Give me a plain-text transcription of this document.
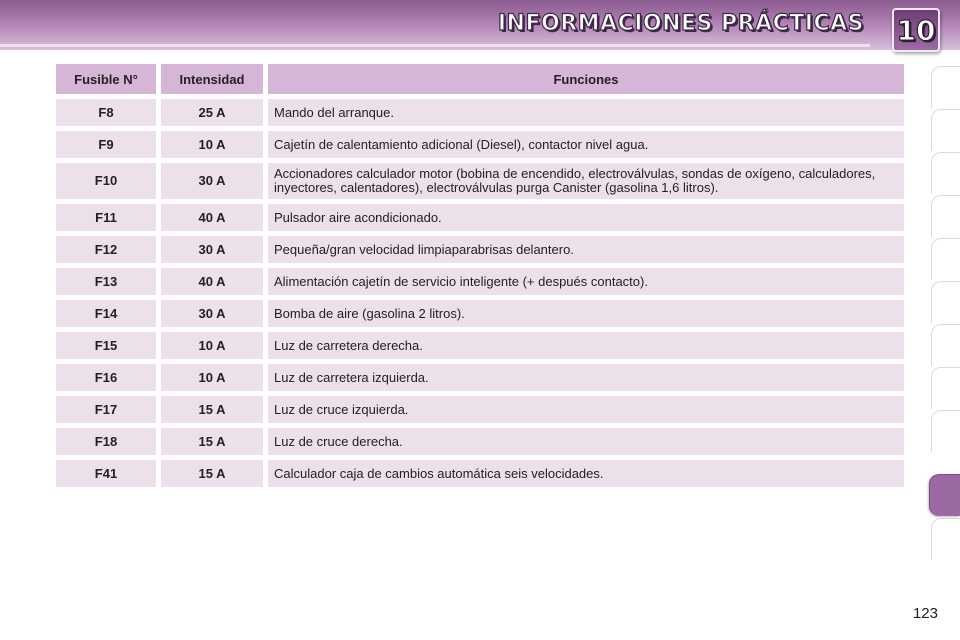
INFORMACIONES PRÁCTICAS 10
Fusible N°	Intensidad	Funciones
F8	25 A	Mando del arranque.
F9	10 A	Cajetín de calentamiento adicional (Diesel), contactor nivel agua.
F10	30 A	Accionadores calculador motor (bobina de encendido, electroválvulas, sondas de oxígeno, calculadores, inyectores, calentadores), electroválvulas purga Canister (gasolina 1,6 litros).
F11	40 A	Pulsador aire acondicionado.
F12	30 A	Pequeña/gran velocidad limpiaparabrisas delantero.
F13	40 A	Alimentación cajetín de servicio inteligente (+ después contacto).
F14	30 A	Bomba de aire (gasolina 2 litros).
F15	10 A	Luz de carretera derecha.
F16	10 A	Luz de carretera izquierda.
F17	15 A	Luz de cruce izquierda.
F18	15 A	Luz de cruce derecha.
F41	15 A	Calculador caja de cambios automática seis velocidades.
123
